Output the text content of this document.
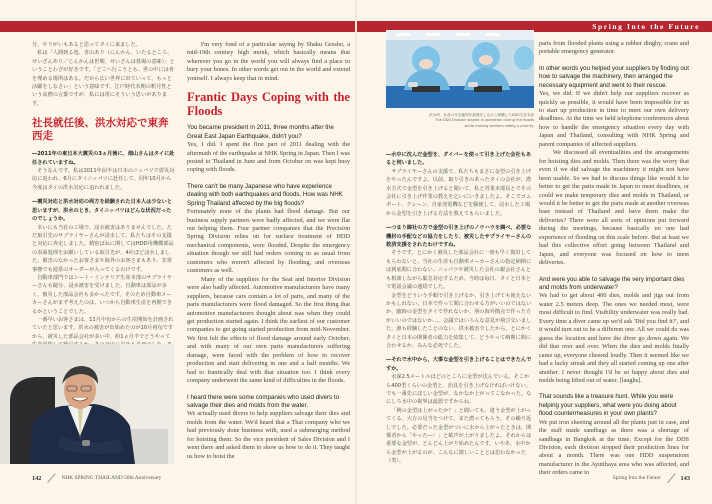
Spring Into the Future

分、やりがいもあると思ってタイに来ました。

私は「人間到る処、青山あり（にんかん、いたるところ、せいざんあり／じんかんは世間、せいざんは墓場の意味）」ということわざが好きです。「どこへ行こうとも、世の中には骨を埋める場所はある。だから広い世界に出ていって、もっと活躍をしなさい」という意味です。江戸時代末期の釈月性という高僧の言葉ですが、私には常にそういう思いがあります。

社長就任後、洪水対応で東奔西走

―2011年の東日本大震災の3ヵ月後に、畑山さんはタイに赴任されていますね。

そうなんです。私は2011年前半は日本のニッパツで震災対応に追われ、6月にタイニッパツに赴任して、同年10月から今度はタイの洪水対応に追われました。

―震災対応と洪水対応の両方を経験された日本人は少ないと思いますが、洪水のとき、タイニッパツはどんな状況だったのでしょうか。

幸いにも当社の工場で、浸水被害はありませんでした。ただ取引先のサプライヤーさんが浸水して、私たちはその支援と対応に奔走しました。精密ばねに関してはHDD用機構部品の表面処理をお願いしている取引先が、4社ほど浸水しました。被害のなかったお客さまや海外のお客さまもあり、非常事態でも通常のオーダーが入ってくるわけです。

自動車部門ではシート・インテリア生産本部のサプライヤーさんも随分、浸水被害を受けました。自動車は部品が多く、被災した部品会社も多かったです。そのため自動車メーカーさんがまず考えたのは、いつから自動車生産を再開できるかということでした。

一番早いお客さまは、11月中旬からの生産開始を計画されていたと思います。洪水の被害が出始めたのが10月初旬ですから、被災した部品会社が多い中、約1ヵ月半でどうやって

I'm very fond of a particular saying by Shaku Gessho, a mid-19th century high monk, which basically means that wherever you go in the world you will always find a place to bury your bones. In other words get out in the world and extend yourself. I always keep that in mind.

Frantic Days Coping with the Floods

You became president in 2011, three months after the Great East Japan Earthquake, didn't you?

Yes, I did. I spent the first part of 2011 dealing with the aftermath of the earthquake at NHK Spring in Japan. Then I was posted to Thailand in June and from October on was kept busy coping with floods.

There can't be many Japanese who have experience dealing with both earthquakes and floods. How was NHK Spring Thailand affected by the big floods?

Fortunately none of the plants had flood damage. But our business supply partners were badly affected, and we were flat out helping them. Four partner companies that the Precision Spring Division relies on for surface treatment of HDD mechanical components, were flooded. Despite the emergency situation though we still had orders coming in as usual from customers who weren't affected by flooding, and overseas customers as well.

Many of the suppliers for the Seat and Interior Division were also badly affected. Automotive manufacturers have many suppliers, because cars contain a lot of parts, and many of the parts manufacturers were flood damaged. So the first thing that automotive manufacturers thought about was when they could get production started again. I think the earliest of our customer companies to get going started production from mid-November. We first felt the effects of flood damage around early October, and with many of our own parts manufacturers suffering damage, were faced with the problem of how to recover production and start delivering in one and a half months. We had to frantically deal with that situation too. I think every company underwent the same kind of difficulties in the floods.

I heard there were some companies who used divers to salvage their dies and molds from the water.

We actually used divers to help suppliers salvage their dies and molds from the water. We'd heard that a Thai company who we had previously done business with, used a submerging method for hoisting them. So the vice president of Sales Division and I went there and asked them to show us how to do it. They taught us how to hoist the

142	NHK SPRING THAILAND 50th Anniversary
洪水時、社員の安全確保を最優先しながら稼働したDDS生産本部
The DDS Division stayed in operation during the floods
while making workers safety a priority.

―水中に沈んだ金型を、ダイバーを使って引き上げた会社もあると伺いました。

サプライヤーさんの支援で、私たちもまさに金型の引き上げをやったんですよ。以前、取り引きのあったタイの会社が、潜水方式で金型を引き上げると聞いて、私と営業本部長とでその会社に引き上げ作業の教えを乞いにいきましたよ。そこでゴムボート、クレーン、自家発電機などを駆使して、浸水した工場から金型を引き上げる方法を教えてもらいました。

―つまり御社の方で金型の引き上げのノウハウを調べ、必要な機材の手配などの協力をしたり、被災したサプライヤーさんの救済支援をされたわけですね。

そうです。とにかく被災した部品会社に一刻も早く復旧してもらわないと、当社の生産も自動車メーカーさんの指定納期には到底間に合わない。ニッパツや被災した会社の親会社さんとも相談しながら緊急対応するため、当時は毎日、タイと日本とで電話会議の連続でした。

金型をどういう手順で引き上げるか、引き上げても使えないかもしれない。日本で作って間に合わせる方がいいのではないか、臨時の金型をタイで作れないか、別の海外拠点で作った方がいいのではないか…。会議ではいろんな意見が飛び交いました。誰も経験したことのない、洪水被害でしたから。とにかくタイと日本の関係者の総力を結集して、どうやって納期に間に合わせるか、みんな必死でした。

―それで水中から、大事な金型を引き上げることはできたんですか。

水深2.5メートルほどのところに金型が沈んでいる。そこから400型くらいの金型と、治具を引き上げなければいけない。でも一番先にほしい金型が、なかなか上がってこなかった。なにしろ水中の視界は最悪ですからね。

「例の金型は上がったか？」と聞いても、違う金型が上がってくる。大方の見当をつけて、また潜ってもらう。その繰り返しでした。必要だった金型がついに水から上がったときは、関係者から「やった―！」と歓声が上がりましたよ。それからは重要な金型が、どんどん上がり始めたんです。いやあ、水中から金型が上がるのが、こんなに嬉しいこととは思わなかった（笑）。

parts from flooded plants using a rubber dinghy, crane and portable emergency generator.

In other words you helped your suppliers by finding out how to salvage the machinery, then arranged the necessary equipment and went to their rescue.

Yes, we did. If we didn't help our suppliers recover as quickly as possible, it would have been impossible for us to start up production in time to meet our own delivery deadlines. At the time we held telephone conferences about how to handle the emergency situation every day with Japan and Thailand, consulting with NHK Spring and parent companies of affected suppliers.

We discussed all eventualities and the arrangements for hoisting dies and molds. Then there was the worry that even if we did salvage the machinery it might not have been usable. So we had to discuss things like would it be better to get the parts made in Japan to meet deadlines, or could we make temporary dies and molds in Thailand, or would it be better to get the parts made at another overseas base instead of Thailand and have them make the deliveries? There were all sorts of opinions put forward during the meetings, because basically no one had experience of flooding on this scale before. But at least we had this collective effort going between Thailand and Japan, and everyone was focused on how to meet deliveries.

And were you able to salvage the very important dies and molds from underwater?

We had to get about 400 dies, molds and jigs out from water 2.5 meters deep. The ones we needed most, were most difficult to find. Visibility underwater was really bad. Every time a diver came up we'd ask 'Did you find it?', and it would turn out to be a different one. All we could do was guess the location and have the diver go down again. We did that over and over. When the dies and molds finally came up, everyone cheered loudly. Then it seemed like we had a lucky streak and they all started coming up one after another. I never thought I'd be so happy about dies and molds being lifted out of water. [laughs].

That sounds like a treasure hunt. While you were helping your suppliers, what were you doing about flood countermeasures in your own plants?

We put iron sheeting around all the plants just in case, and the staff made sandbags as there was a shortage of sandbags in Bangkok at the time. Except for the DDS Division, each division stopped their production lines for about a month. There was one HDD suspensions manufacturer in the Ayutthaya area who was affected, and their orders came to

Spring Into the Future	143
